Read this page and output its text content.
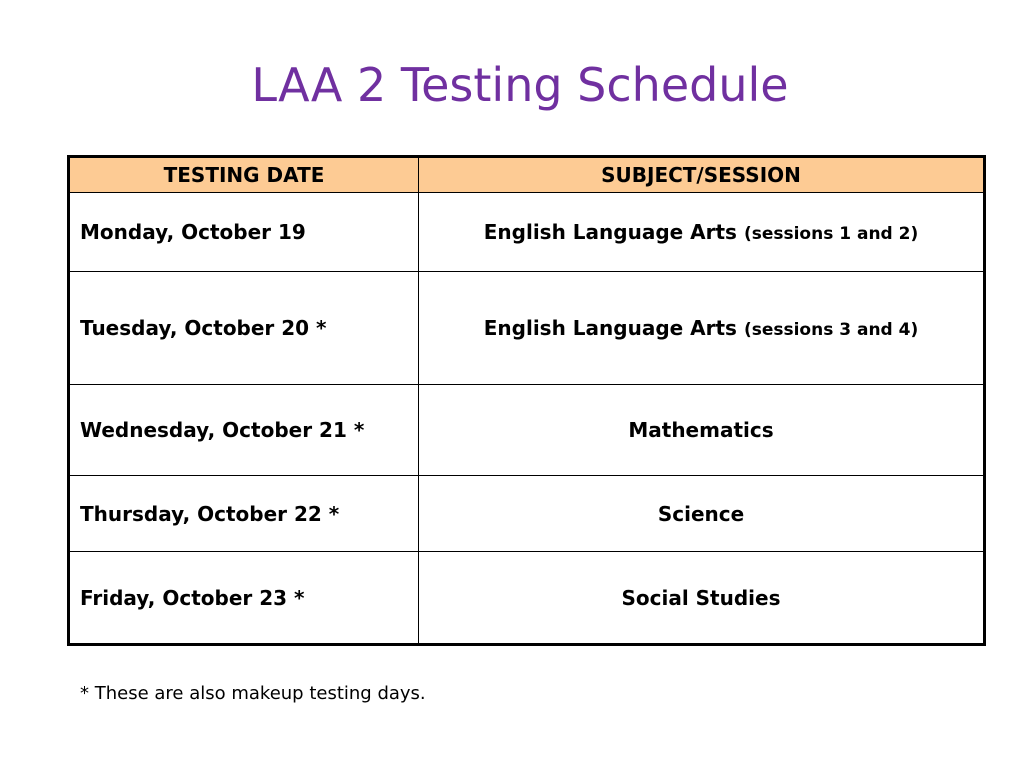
LAA 2 Testing Schedule
TESTING DATE	SUBJECT/SESSION
Monday, October 19	English Language Arts (sessions 1 and 2)
Tuesday, October 20 *	English Language Arts (sessions 3 and 4)
Wednesday, October 21 *	Mathematics
Thursday, October 22 *	Science
Friday, October 23 *	Social Studies
* These are also makeup testing days.
